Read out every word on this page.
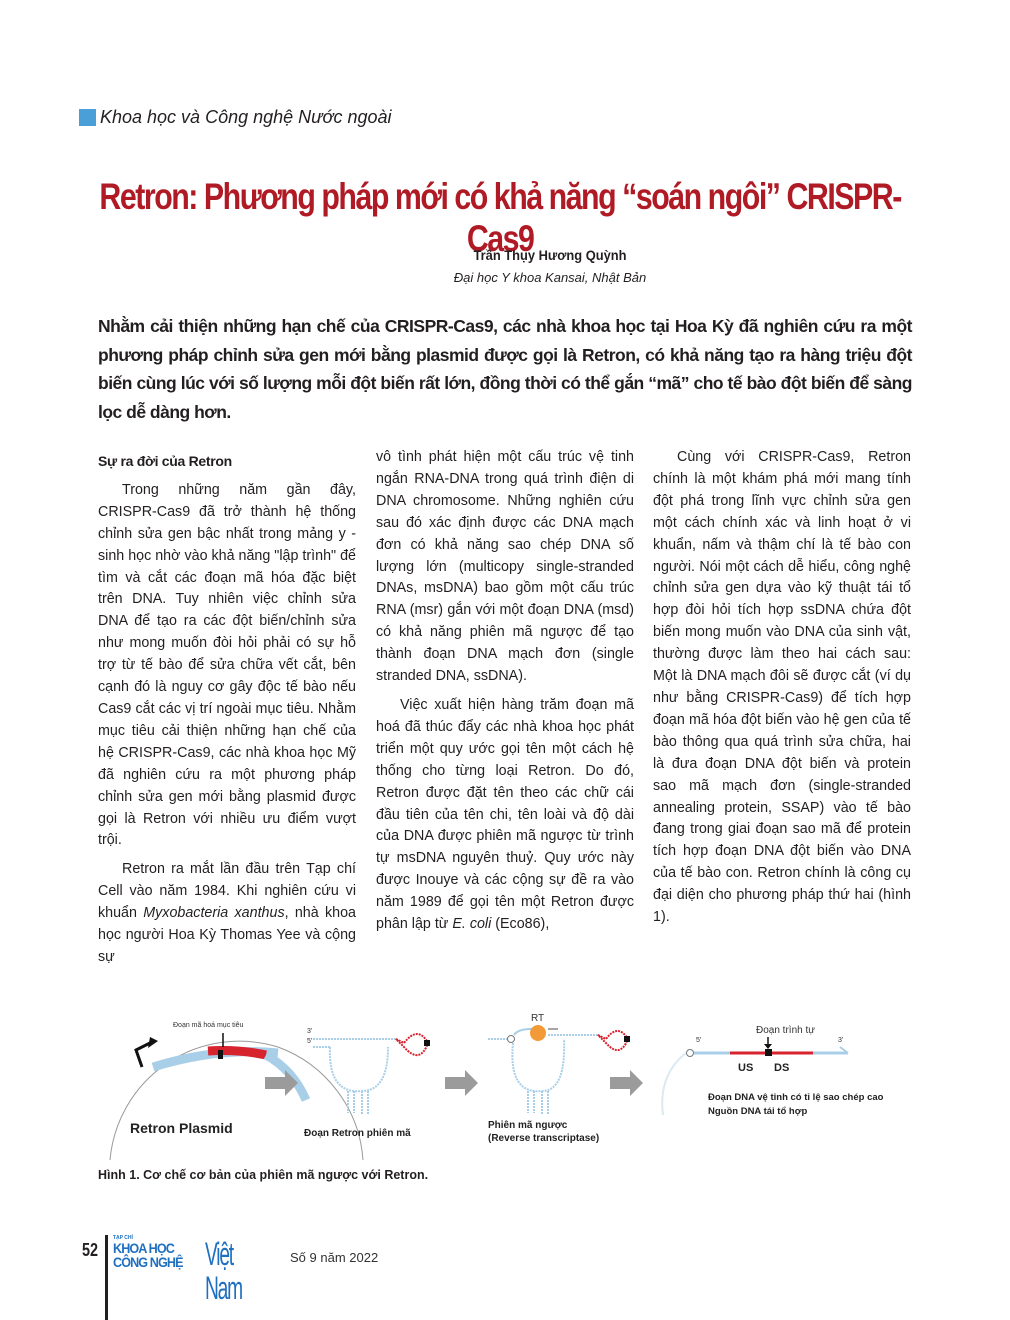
Khoa học và Công nghệ Nước ngoài
Retron: Phương pháp mới có khả năng “soán ngôi” CRISPR-Cas9
Trần Thụy Hương Quỳnh
Đại học Y khoa Kansai, Nhật Bản
Nhằm cải thiện những hạn chế của CRISPR-Cas9, các nhà khoa học tại Hoa Kỳ đã nghiên cứu ra một phương pháp chỉnh sửa gen mới bằng plasmid được gọi là Retron, có khả năng tạo ra hàng triệu đột biến cùng lúc với số lượng mỗi đột biến rất lớn, đồng thời có thể gắn “mã” cho tế bào đột biến để sàng lọc dễ dàng hơn.
Sự ra đời của Retron

Trong những năm gần đây, CRISPR-Cas9 đã trở thành hệ thống chỉnh sửa gen bậc nhất trong mảng y - sinh học nhờ vào khả năng "lập trình" để tìm và cắt các đoạn mã hóa đặc biệt trên DNA. Tuy nhiên việc chỉnh sửa DNA để tạo ra các đột biến/chỉnh sửa như mong muốn đòi hỏi phải có sự hỗ trợ từ tế bào để sửa chữa vết cắt, bên cạnh đó là nguy cơ gây độc tế bào nếu Cas9 cắt các vị trí ngoài mục tiêu. Nhằm mục tiêu cải thiện những hạn chế của hệ CRISPR-Cas9, các nhà khoa học Mỹ đã nghiên cứu ra một phương pháp chỉnh sửa gen mới bằng plasmid được gọi là Retron với nhiều ưu điểm vượt trội.

Retron ra mắt lần đầu trên Tạp chí Cell vào năm 1984. Khi nghiên cứu vi khuẩn Myxobacteria xanthus, nhà khoa học người Hoa Kỳ Thomas Yee và cộng sự

vô tình phát hiện một cấu trúc vệ tinh ngắn RNA-DNA trong quá trình điện di DNA chromosome. Những nghiên cứu sau đó xác định được các DNA mạch đơn có khả năng sao chép DNA số lượng lớn (multicopy single-stranded DNAs, msDNA) bao gồm một cấu trúc RNA (msr) gắn với một đoạn DNA (msd) có khả năng phiên mã ngược để tạo thành đoạn DNA mạch đơn (single stranded DNA, ssDNA).

Việc xuất hiện hàng trăm đoạn mã hoá đã thúc đẩy các nhà khoa học phát triển một quy ước gọi tên một cách hệ thống cho từng loại Retron. Do đó, Retron được đặt tên theo các chữ cái đầu tiên của tên chi, tên loài và độ dài của DNA được phiên mã ngược từ trình tự msDNA nguyên thuỷ. Quy ước này được Inouye và các cộng sự đề ra vào năm 1989 để gọi tên một Retron được phân lập từ E. coli (Eco86),

Cùng với CRISPR-Cas9, Retron chính là một khám phá mới mang tính đột phá trong lĩnh vực chỉnh sửa gen một cách chính xác và linh hoạt ở vi khuẩn, nấm và thậm chí là tế bào con người. Nói một cách dễ hiểu, công nghệ chỉnh sửa gen dựa vào kỹ thuật tái tổ hợp đòi hỏi tích hợp ssDNA chứa đột biến mong muốn vào DNA của sinh vật, thường được làm theo hai cách sau: Một là DNA mạch đôi sẽ được cắt (ví dụ như bằng CRISPR-Cas9) để tích hợp đoạn mã hóa đột biến vào hệ gen của tế bào thông qua quá trình sửa chữa, hai là đưa đoạn DNA đột biến và protein sao mã mạch đơn (single-stranded annealing protein, SSAP) vào tế bào đang trong giai đoạn sao mã để protein tích hợp đoạn DNA đột biến vào DNA của tế bào con. Retron chính là công cụ đại diện cho phương pháp thứ hai (hình 1).

Đoạn mã hoá mục tiêu
Retron Plasmid
3'
5'
Đoạn Retron phiên mã
RT
Phiên mã ngược
(Reverse transcriptase)
Đoạn trình tự
5'	3'
US DS
Đoạn DNA vệ tinh có tỉ lệ sao chép cao
Nguồn DNA tái tổ hợp
Hình 1. Cơ chế cơ bản của phiên mã ngược với Retron.
52
TẠP CHÍ
KHOA HỌC
CÔNG NGHỆ Việt Nam
Số 9 năm 2022
